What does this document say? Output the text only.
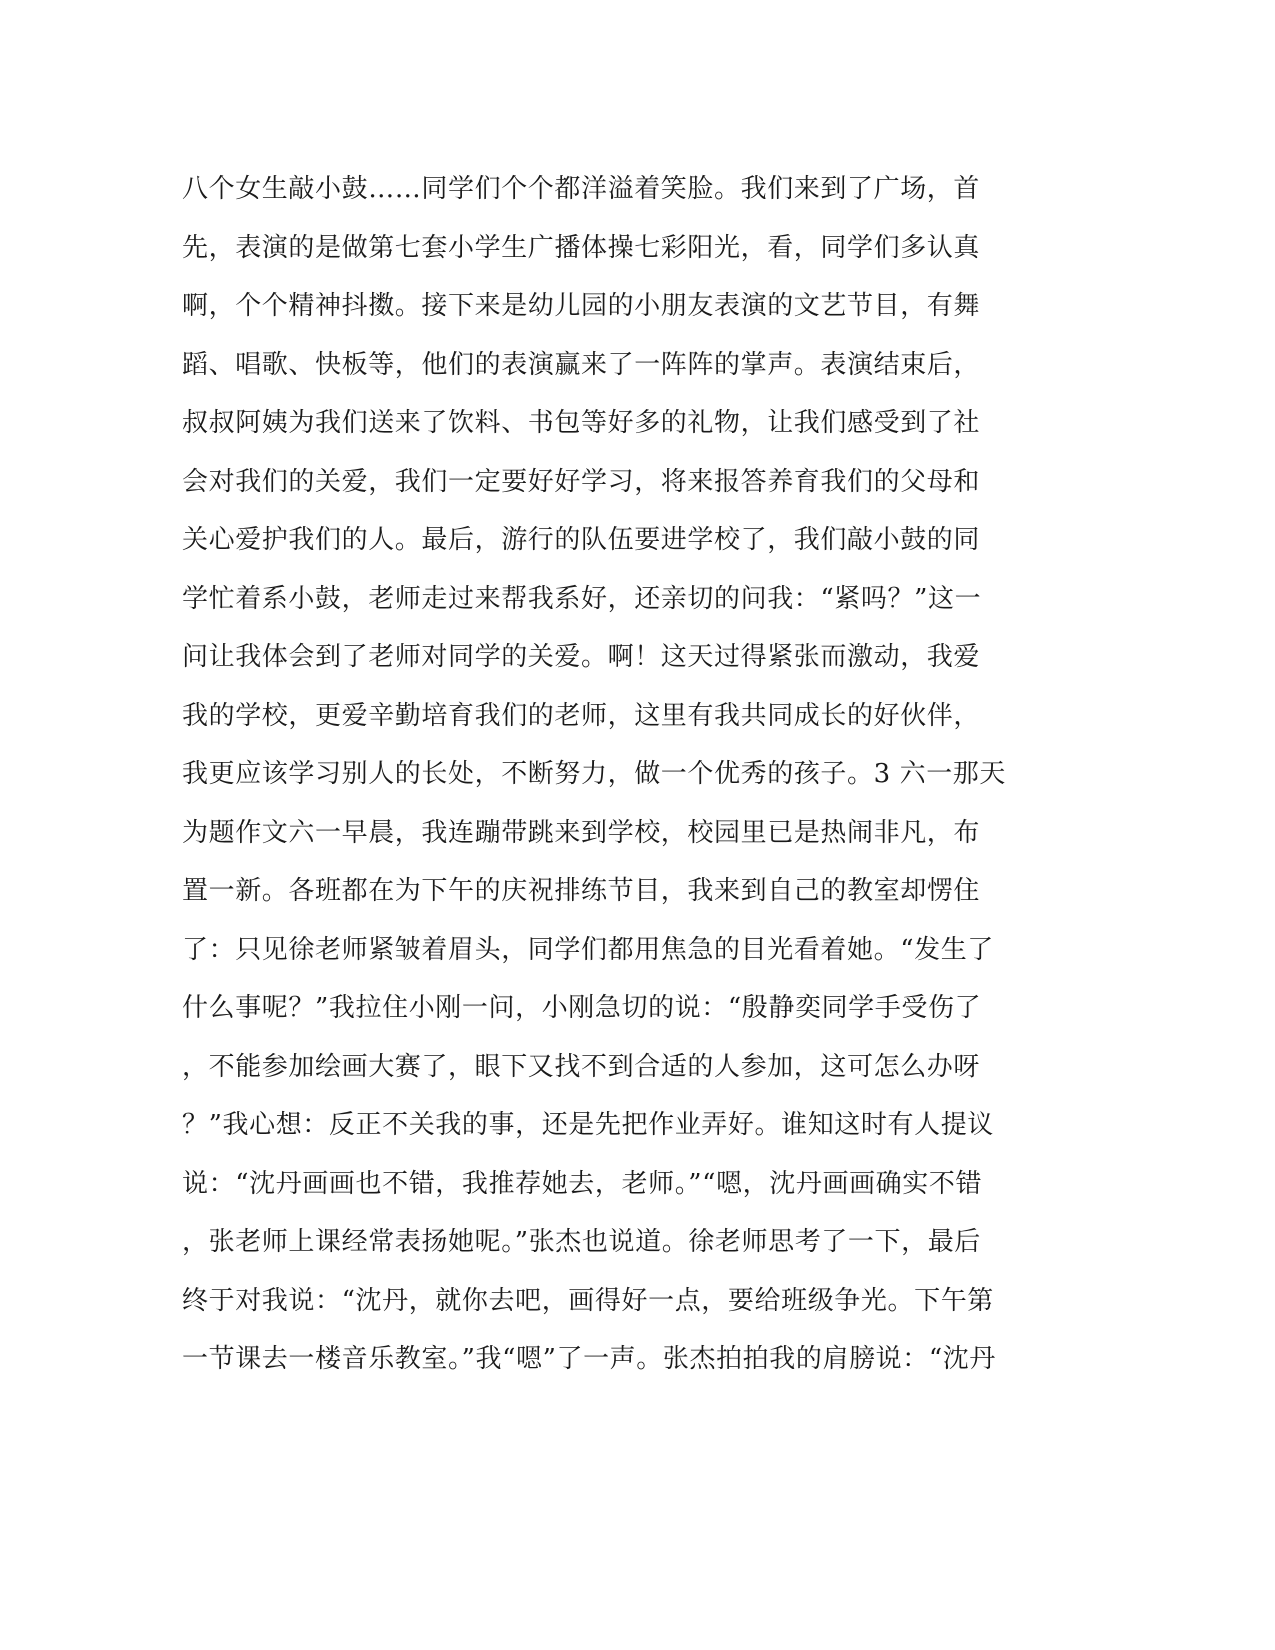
八个女生敲小鼓……同学们个个都洋溢着笑脸。我们来到了广场，首
先，表演的是做第七套小学生广播体操七彩阳光，看，同学们多认真
啊，个个精神抖擞。接下来是幼儿园的小朋友表演的文艺节目，有舞
蹈、唱歌、快板等，他们的表演赢来了一阵阵的掌声。表演结束后，
叔叔阿姨为我们送来了饮料、书包等好多的礼物，让我们感受到了社
会对我们的关爱，我们一定要好好学习，将来报答养育我们的父母和
关心爱护我们的人。最后，游行的队伍要进学校了，我们敲小鼓的同
学忙着系小鼓，老师走过来帮我系好，还亲切的问我：“紧吗？”这一
问让我体会到了老师对同学的关爱。啊！这天过得紧张而激动，我爱
我的学校，更爱辛勤培育我们的老师，这里有我共同成长的好伙伴，
我更应该学习别人的长处，不断努力，做一个优秀的孩子。3 六一那天
为题作文六一早晨，我连蹦带跳来到学校，校园里已是热闹非凡，布
置一新。各班都在为下午的庆祝排练节目，我来到自己的教室却愣住
了：只见徐老师紧皱着眉头，同学们都用焦急的目光看着她。“发生了
什么事呢？”我拉住小刚一问，小刚急切的说：“殷静奕同学手受伤了
，不能参加绘画大赛了，眼下又找不到合适的人参加，这可怎么办呀
？”我心想：反正不关我的事，还是先把作业弄好。谁知这时有人提议
说：“沈丹画画也不错，我推荐她去，老师。”“嗯，沈丹画画确实不错
，张老师上课经常表扬她呢。”张杰也说道。徐老师思考了一下，最后
终于对我说：“沈丹，就你去吧，画得好一点，要给班级争光。下午第
一节课去一楼音乐教室。”我“嗯”了一声。张杰拍拍我的肩膀说：“沈丹
